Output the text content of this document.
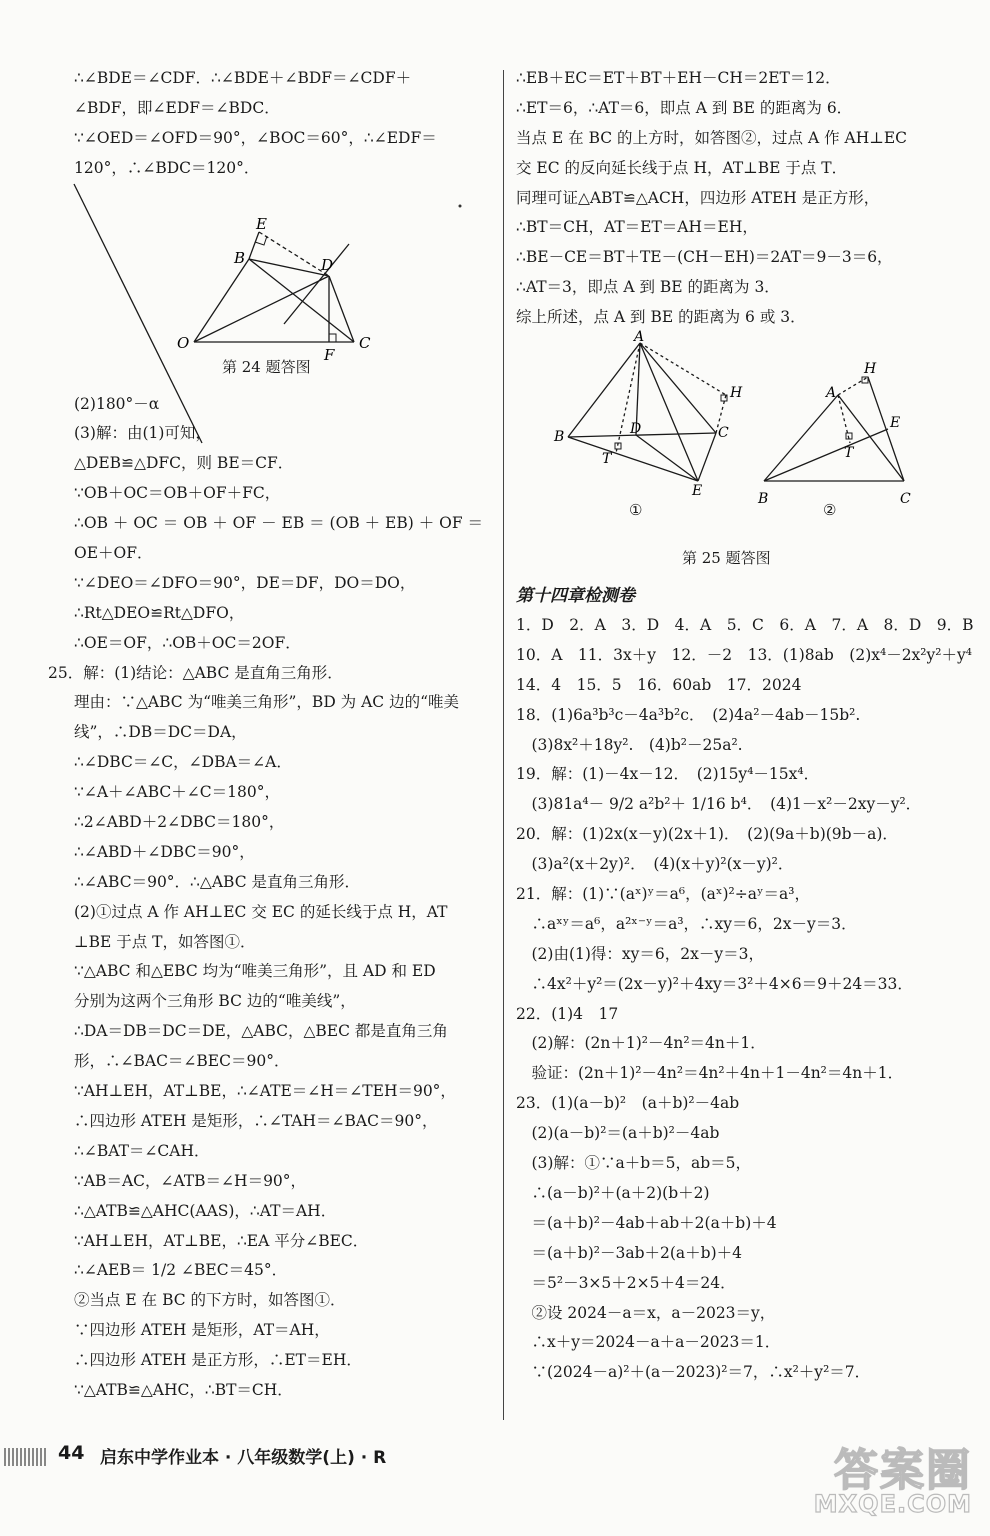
∴∠BDE＝∠CDF．∴∠BDE＋∠BDF＝∠CDF＋
∠BDF，即∠EDF＝∠BDC．
∵∠OED＝∠OFD＝90°，∠BOC＝60°，∴∠EDF＝
120°，∴∠BDC＝120°．
E
B	D
O
F
C
第 24 题答图
(2)180°－α
(3)解：由(1)可知，
△DEB≌△DFC，则 BE＝CF．
∵OB＋OC＝OB＋OF＋FC，
∴OB ＋ OC ＝ OB ＋ OF － EB ＝ (OB ＋ EB) ＋ OF ＝
OE＋OF．
∵∠DEO＝∠DFO＝90°，DE＝DF，DO＝DO，
∴Rt△DEO≌Rt△DFO，
∴OE＝OF，∴OB＋OC＝2OF．
25．解：(1)结论：△ABC 是直角三角形．
理由：∵△ABC 为“唯美三角形”，BD 为 AC 边的“唯美
线”，∴DB＝DC＝DA，
∴∠DBC＝∠C，∠DBA＝∠A．
∵∠A＋∠ABC＋∠C＝180°，
∴2∠ABD＋2∠DBC＝180°，
∴∠ABD＋∠DBC＝90°，
∴∠ABC＝90°．∴△ABC 是直角三角形．
(2)①过点 A 作 AH⊥EC 交 EC 的延长线于点 H，AT
⊥BE 于点 T，如答图①．
∵△ABC 和△EBC 均为“唯美三角形”，且 AD 和 ED
分别为这两个三角形 BC 边的“唯美线”，
∴DA＝DB＝DC＝DE，△ABC，△BEC 都是直角三角
形，∴∠BAC＝∠BEC＝90°．
∵AH⊥EH，AT⊥BE，∴∠ATE＝∠H＝∠TEH＝90°，
∴四边形 ATEH 是矩形，∴∠TAH＝∠BAC＝90°，
∴∠BAT＝∠CAH．
∵AB＝AC，∠ATB＝∠H＝90°，
∴△ATB≌△AHC(AAS)，∴AT＝AH．
∵AH⊥EH，AT⊥BE，∴EA 平分∠BEC．
∴∠AEB＝ 1/2 ∠BEC＝45°．
②当点 E 在 BC 的下方时，如答图①．
∵四边形 ATEH 是矩形，AT＝AH，
∴四边形 ATEH 是正方形，∴ET＝EH．
∵△ATB≌△AHC，∴BT＝CH．
∴EB＋EC＝ET＋BT＋EH－CH＝2ET＝12．
∴ET＝6，∴AT＝6，即点 A 到 BE 的距离为 6．
当点 E 在 BC 的上方时，如答图②，过点 A 作 AH⊥EC
交 EC 的反向延长线于点 H，AT⊥BE 于点 T．
同理可证△ABT≌△ACH，四边形 ATEH 是正方形，
∴BT＝CH，AT＝ET＝AH＝EH，
∴BE－CE＝BT＋TE－(CH－EH)＝2AT＝9－3＝6，
∴AT＝3，即点 A 到 BE 的距离为 3．
综上所述，点 A 到 BE 的距离为 6 或 3．
A
H
B	D	C
T
E
H
A
E
T
B	C
①	②
第 25 题答图
第十四章检测卷
1．D　2．A　3．D　4．A　5．C　6．A　7．A　8．D　9．B
10．A　11．3x＋y　12．－2　13．(1)8ab　(2)x⁴－2x²y²＋y⁴
14．4　15．5　16．60ab　17．2024
18．(1)6a³b³c－4a³b²c．　(2)4a²－4ab－15b².
　(3)8x²＋18y².　(4)b²－25a².
19．解：(1)－4x－12．　(2)15y⁴－15x⁴．
　(3)81a⁴－ 9/2 a²b²＋ 1/16 b⁴．　(4)1－x²－2xy－y²．
20．解：(1)2x(x－y)(2x＋1)．　(2)(9a＋b)(9b－a)．
　(3)a²(x＋2y)²．　(4)(x＋y)²(x－y)²．
21．解：(1)∵(aˣ)ʸ＝a⁶，(aˣ)²÷aʸ＝a³，
　∴aˣʸ＝a⁶，a²ˣ⁻ʸ＝a³，∴xy＝6，2x－y＝3．
　(2)由(1)得：xy＝6，2x－y＝3，
　∴4x²＋y²＝(2x－y)²＋4xy＝3²＋4×6＝9＋24＝33．
22．(1)4　17
　(2)解：(2n＋1)²－4n²＝4n＋1．
　验证：(2n＋1)²－4n²＝4n²＋4n＋1－4n²＝4n＋1．
23．(1)(a－b)²　(a＋b)²－4ab
　(2)(a－b)²＝(a＋b)²－4ab
　(3)解：①∵a＋b＝5，ab＝5，
　∴(a－b)²＋(a＋2)(b＋2)
　＝(a＋b)²－4ab＋ab＋2(a＋b)＋4
　＝(a＋b)²－3ab＋2(a＋b)＋4
　＝5²－3×5＋2×5＋4＝24．
　②设 2024－a＝x，a－2023＝y，
　∴x＋y＝2024－a＋a－2023＝1．
　∵(2024－a)²＋(a－2023)²＝7，∴x²＋y²＝7．
44 启东中学作业本 · 八年级数学(上) · R	答案圈
MXQE.COM
